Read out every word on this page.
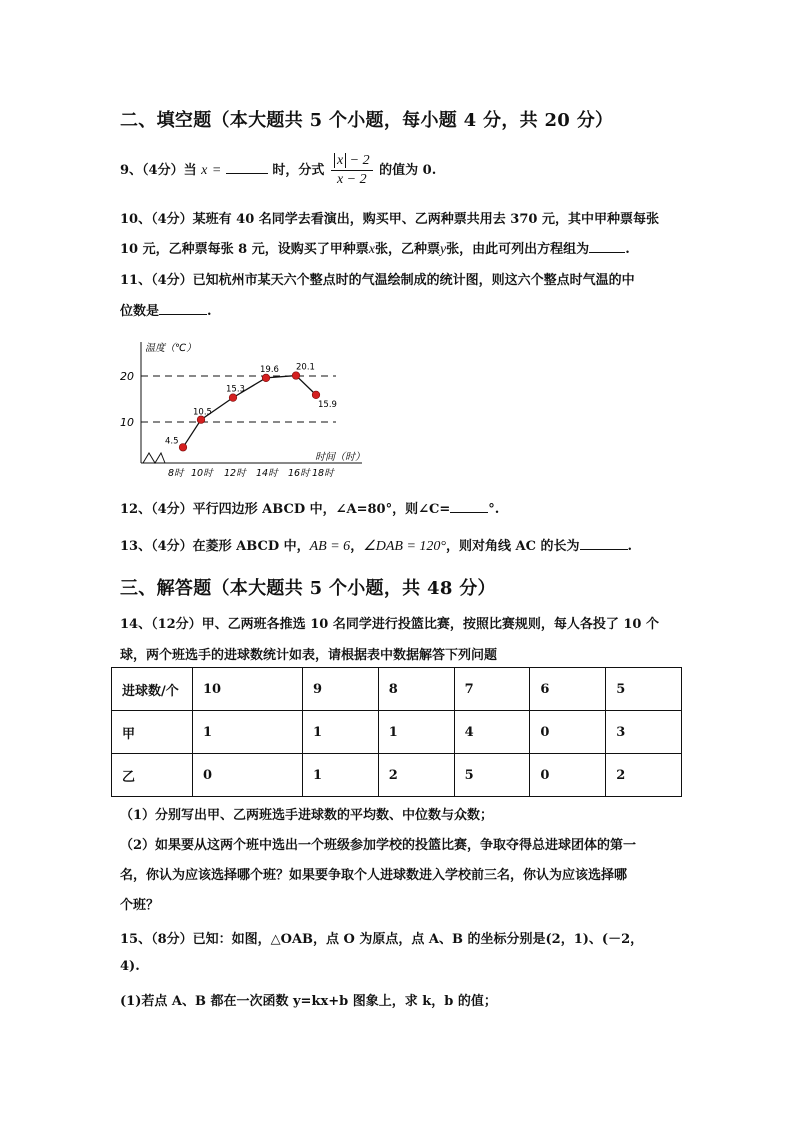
二、填空题（本大题共 5 个小题，每小题 4 分，共 20 分）
9、（4分）当 x =	时，分式 $\frac{x - 2}{x - 2}$ 的值为 0.
10、（4分）某班有 40 名同学去看演出，购买甲、乙两种票共用去 370 元，其中甲种票每张
10 元，乙种票每张 8 元，设购买了甲种票x张，乙种票y张，由此可列出方程组为	.
11、（4分）已知杭州市某天六个整点时的气温绘制成的统计图，则这六个整点时气温的中
位数是	.
温度（℃）
时间（时）
10
20
8时 10时 12时 14时 16时 18时
4.5
10.5
15.3
19.6 20.1
15.9
12、（4分）平行四边形 ABCD 中，∠A=80°，则∠C=	°.
13、（4分）在菱形 ABCD 中，AB = 6，∠DAB = 120°，则对角线 AC 的长为	.
三、解答题（本大题共 5 个小题，共 48 分）
14、（12分）甲、乙两班各推选 10 名同学进行投篮比赛，按照比赛规则，每人各投了 10 个
球，两个班选手的进球数统计如表，请根据表中数据解答下列问题
进球数/个	10	9	8	7	6	5
甲	1	1	1	4	0	3
乙	0	1	2	5	0	2
（1）分别写出甲、乙两班选手进球数的平均数、中位数与众数；
（2）如果要从这两个班中选出一个班级参加学校的投篮比赛，争取夺得总进球团体的第一
名，你认为应该选择哪个班？如果要争取个人进球数进入学校前三名，你认为应该选择哪
个班？
15、（8分）已知：如图，△OAB，点 O 为原点，点 A、B 的坐标分别是(2，1)、(－2，
4).
(1)若点 A、B 都在一次函数 y=kx+b 图象上，求 k，b 的值；
